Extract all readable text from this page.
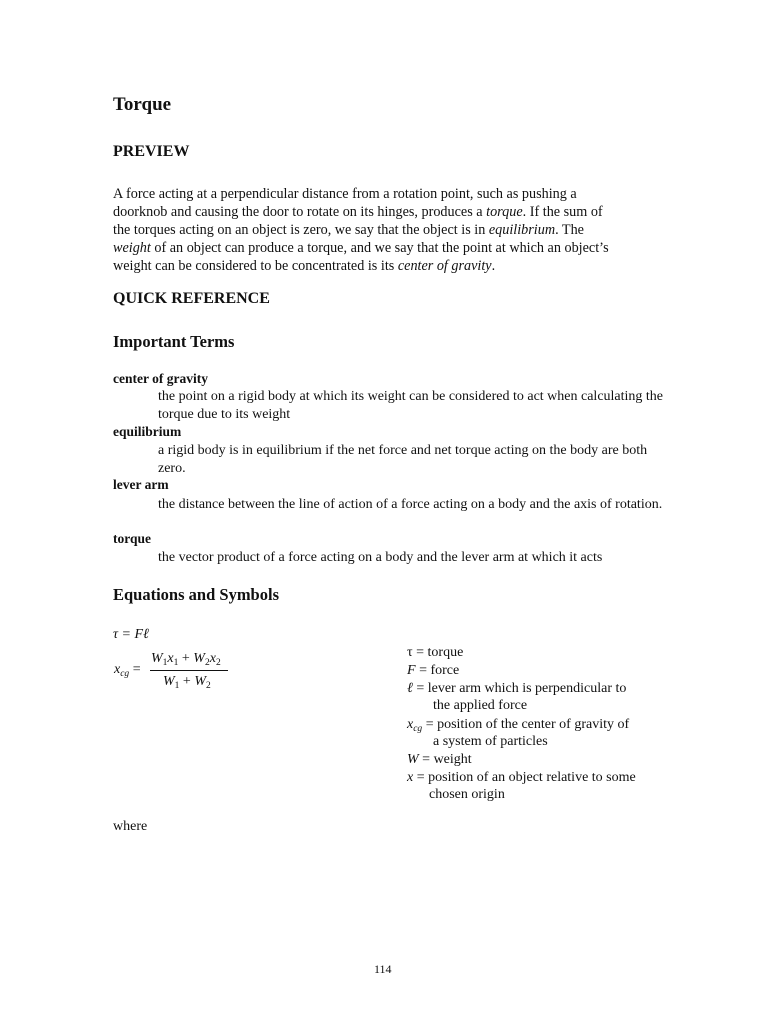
Torque
PREVIEW
A force acting at a perpendicular distance from a rotation point, such as pushing a
doorknob and causing the door to rotate on its hinges, produces a torque. If the sum of
the torques acting on an object is zero, we say that the object is in equilibrium. The
weight of an object can produce a torque, and we say that the point at which an object’s
weight can be considered to be concentrated is its center of gravity.
QUICK REFERENCE
Important Terms
center of gravity
the point on a rigid body at which its weight can be considered to act when calculating the torque due to its weight
equilibrium
a rigid body is in equilibrium if the net force and net torque acting on the body are both zero.
lever arm
the distance between the line of action of a force acting on a body and the axis of rotation.
torque
the vector product of a force acting on a body and the lever arm at which it acts
Equations and Symbols
τ = Fℓ
$x_{cg}$ =
$W_1x_1 + W_2x_2$
$W_1 + W_2$
τ = torque
F = force
ℓ = lever arm which is perpendicular to
the applied force
$x_{cg}$ = position of the center of gravity of
a system of particles
W = weight
x = position of an object relative to some
chosen origin
where
114
